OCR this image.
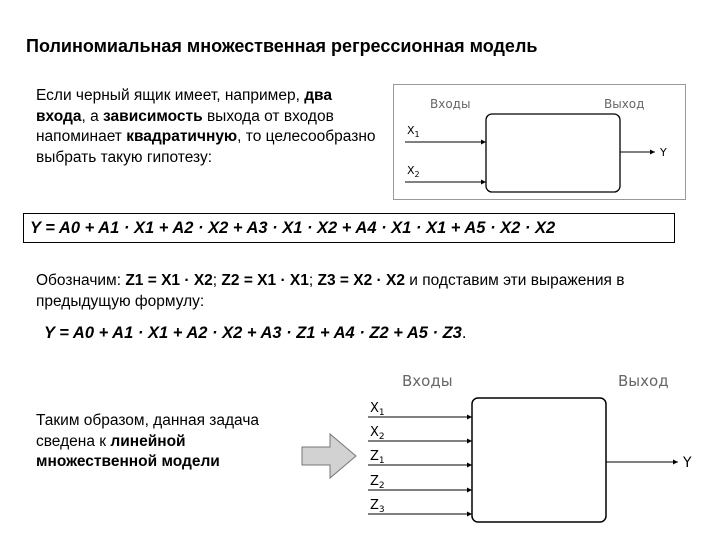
Полиномиальная множественная регрессионная модель
Если черный ящик имеет, например, два входа, а зависимость выхода от входов напоминает квадратичную, то целесообразно выбрать такую гипотезу:
Входы	Выход
$X_1$
$X_2$
Y
Y = A0 + A1 · X1 + A2 · X2 + A3 · X1 · X2 + A4 · X1 · X1 + A5 · X2 · X2
Обозначим: Z1 = X1 · X2; Z2 = X1 · X1; Z3 = X2 · X2 и подставим эти выражения в предыдущую формулу:
Y = A0 + A1 · X1 + A2 · X2 + A3 · Z1 + A4 · Z2 + A5 · Z3.
Таким образом, данная задача сведена к линейной множественной модели
Входы	Выход
$X_1$
$X_2$
$Z_1$
$Z_2$
$Z_3$
Y
